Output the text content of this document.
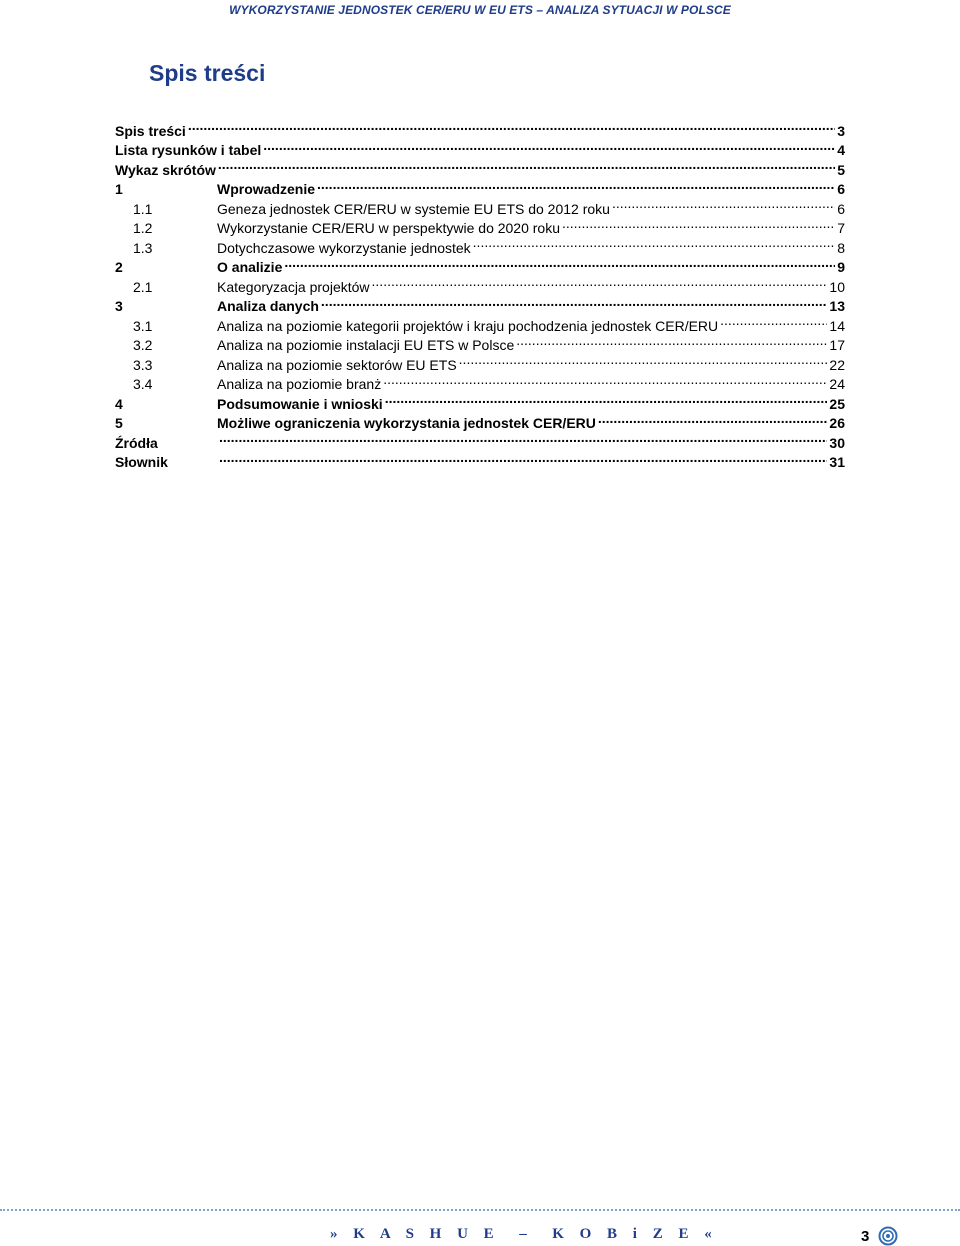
WYKORZYSTANIE JEDNOSTEK CER/ERU W EU ETS – ANALIZA SYTUACJI W POLSCE
Spis treści
Spis treści .....	3
Lista rysunków i tabel .....	4
Wykaz skrótów .....	5
1	Wprowadzenie .....	6
1.1	Geneza jednostek CER/ERU w systemie EU ETS do 2012 roku .....	6
1.2	Wykorzystanie CER/ERU w perspektywie do 2020 roku .....	7
1.3	Dotychczasowe wykorzystanie jednostek .....	8
2	O analizie .....	9
2.1	Kategoryzacja projektów .....	10
3	Analiza danych .....	13
3.1	Analiza na poziomie kategorii projektów i kraju pochodzenia jednostek CER/ERU .....	14
3.2	Analiza na poziomie instalacji EU ETS w Polsce .....	17
3.3	Analiza na poziomie sektorów EU ETS .....	22
3.4	Analiza na poziomie branż .....	24
4	Podsumowanie i wnioski .....	25
5	Możliwe ograniczenia wykorzystania jednostek CER/ERU .....	26
Źródła .....	30
Słownik .....	31
» K A S H U E  –  K O B i Z E «	3
